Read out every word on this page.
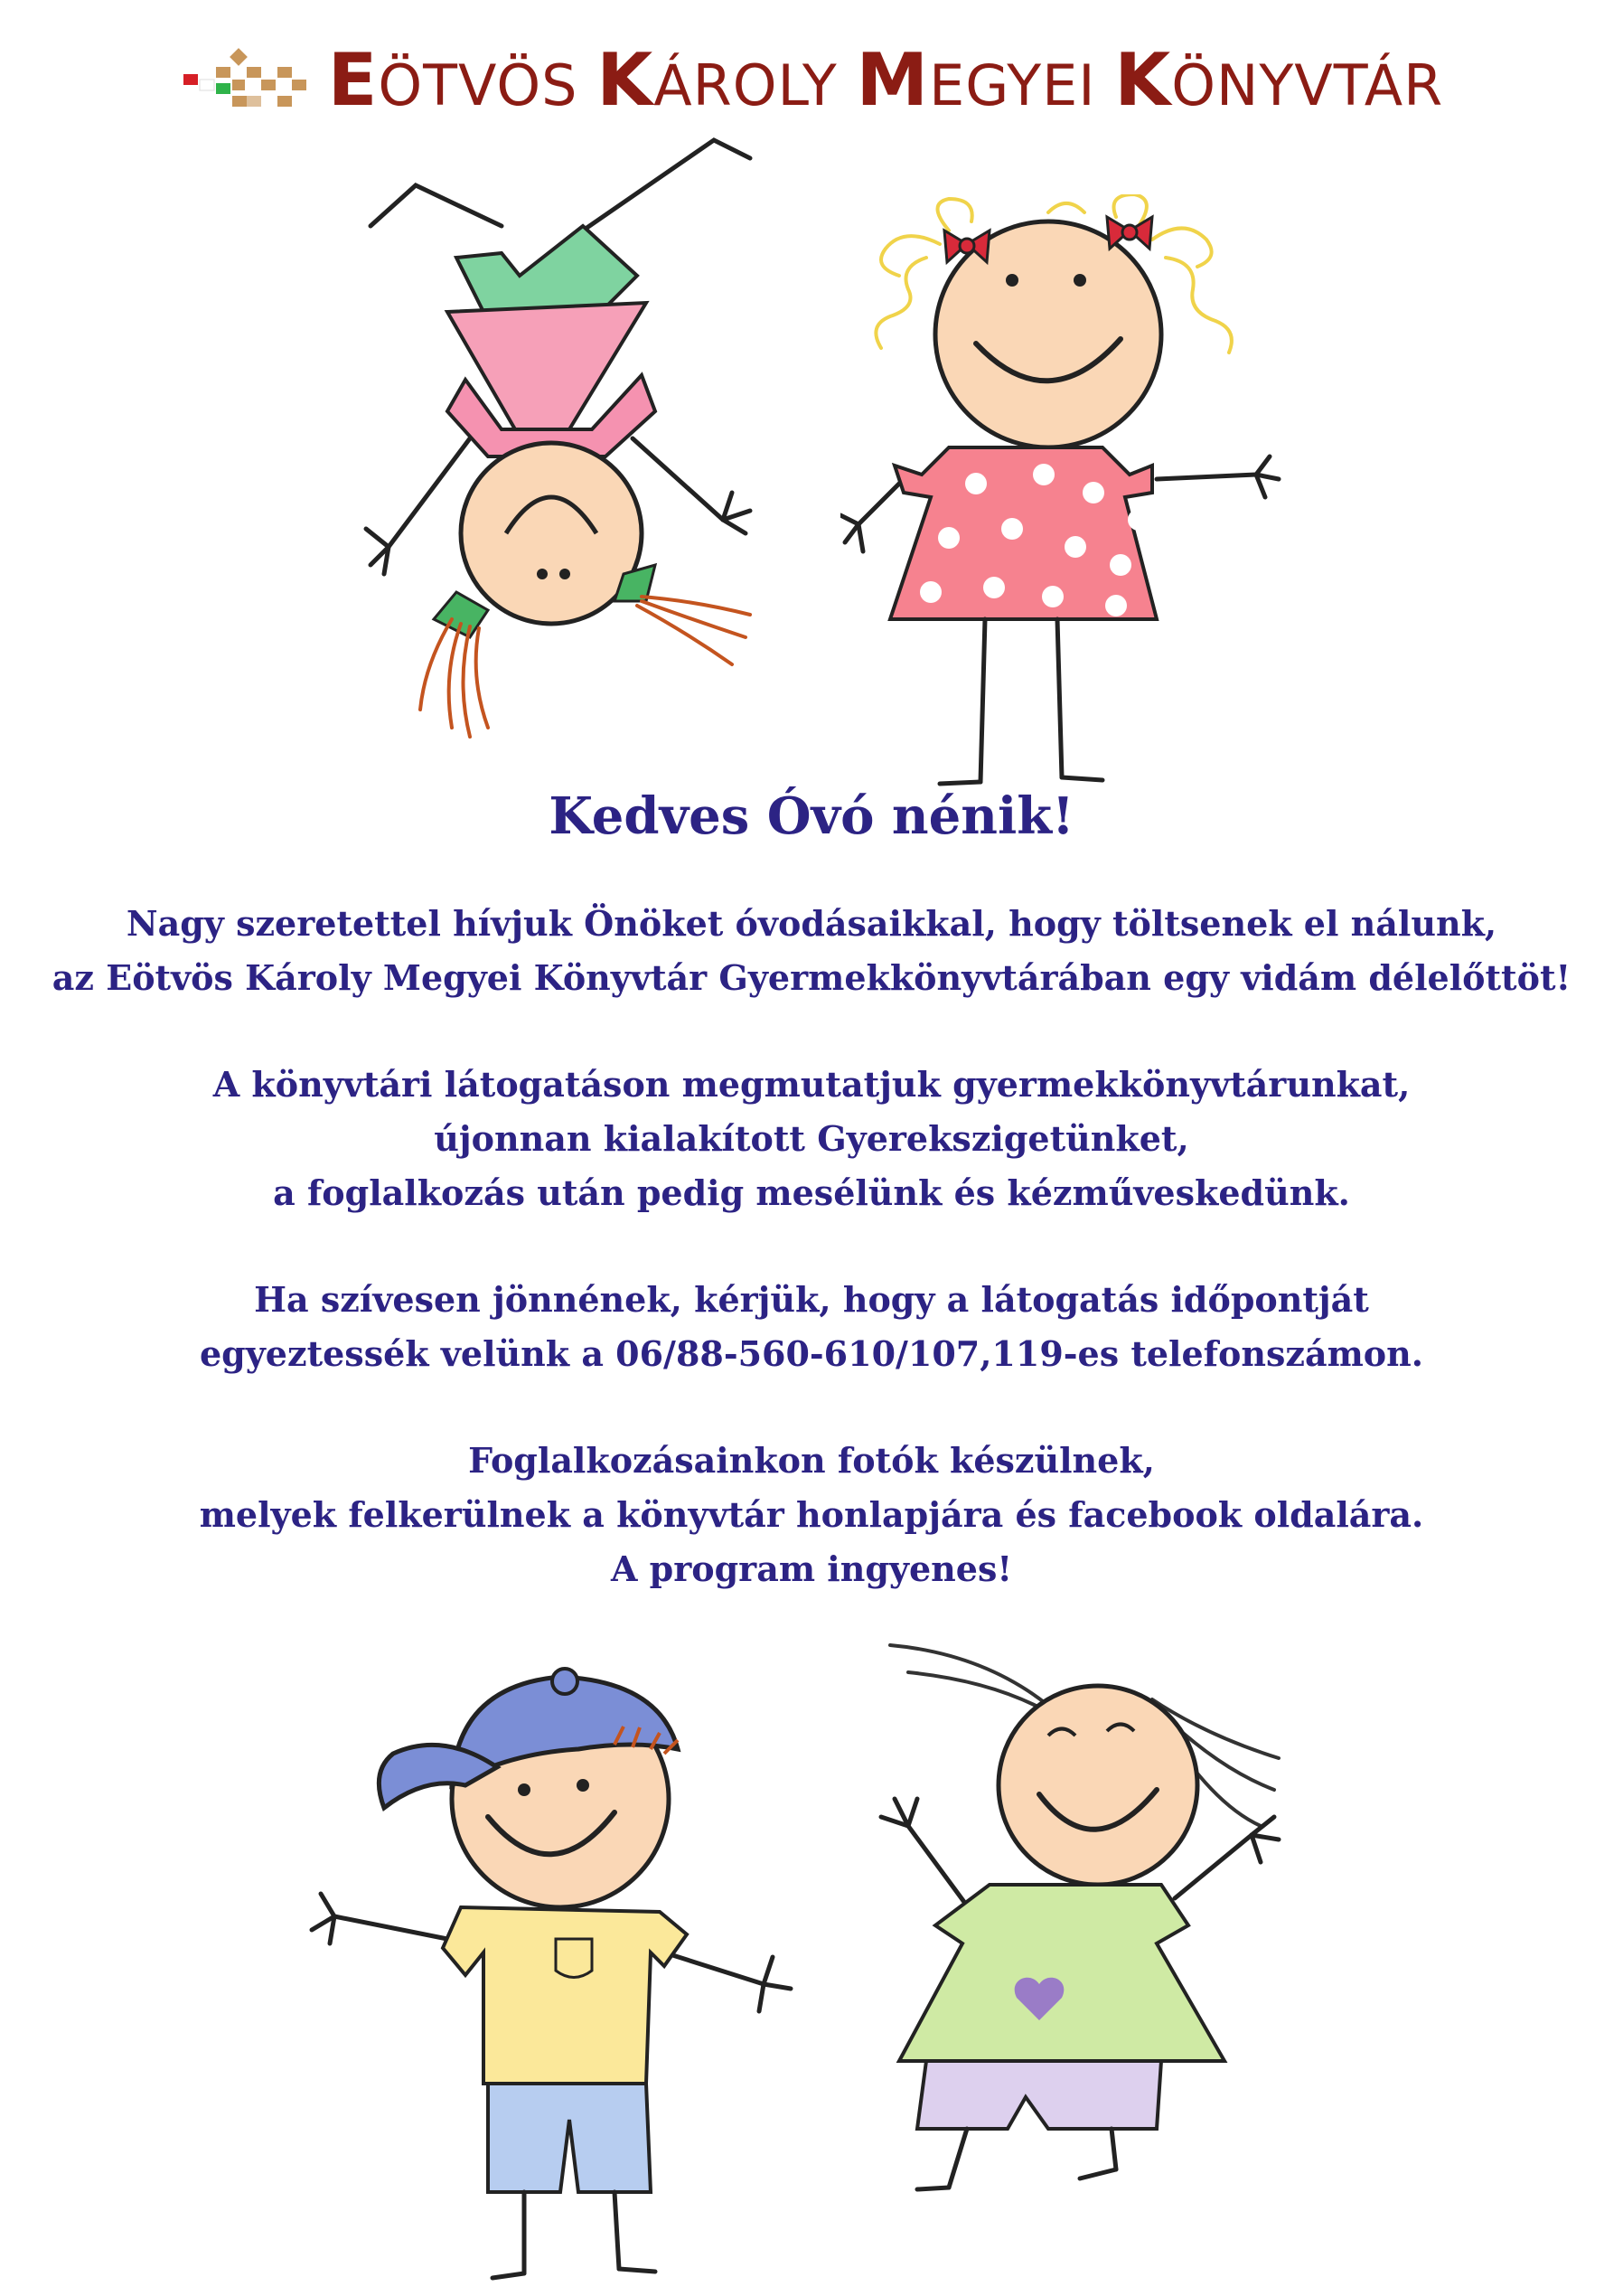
EÖTVÖS KÁROLY MEGYEI KÖNYVTÁR
Kedves Óvó nénik!

Nagy szeretettel hívjuk Önöket óvodásaikkal, hogy töltsenek el nálunk,

az Eötvös Károly Megyei Könyvtár Gyermekkönyvtárában egy vidám délelőttöt!

A könyvtári látogatáson megmutatjuk gyermekkönyvtárunkat,

újonnan kialakított Gyerekszigetünket,

a foglalkozás után pedig mesélünk és kézműveskedünk.

Ha szívesen jönnének, kérjük, hogy a látogatás időpontját

egyeztessék velünk a 06/88-560-610/107,119-es telefonszámon.

Foglalkozásainkon fotók készülnek,

melyek felkerülnek a könyvtár honlapjára és facebook oldalára.

A program ingyenes!
